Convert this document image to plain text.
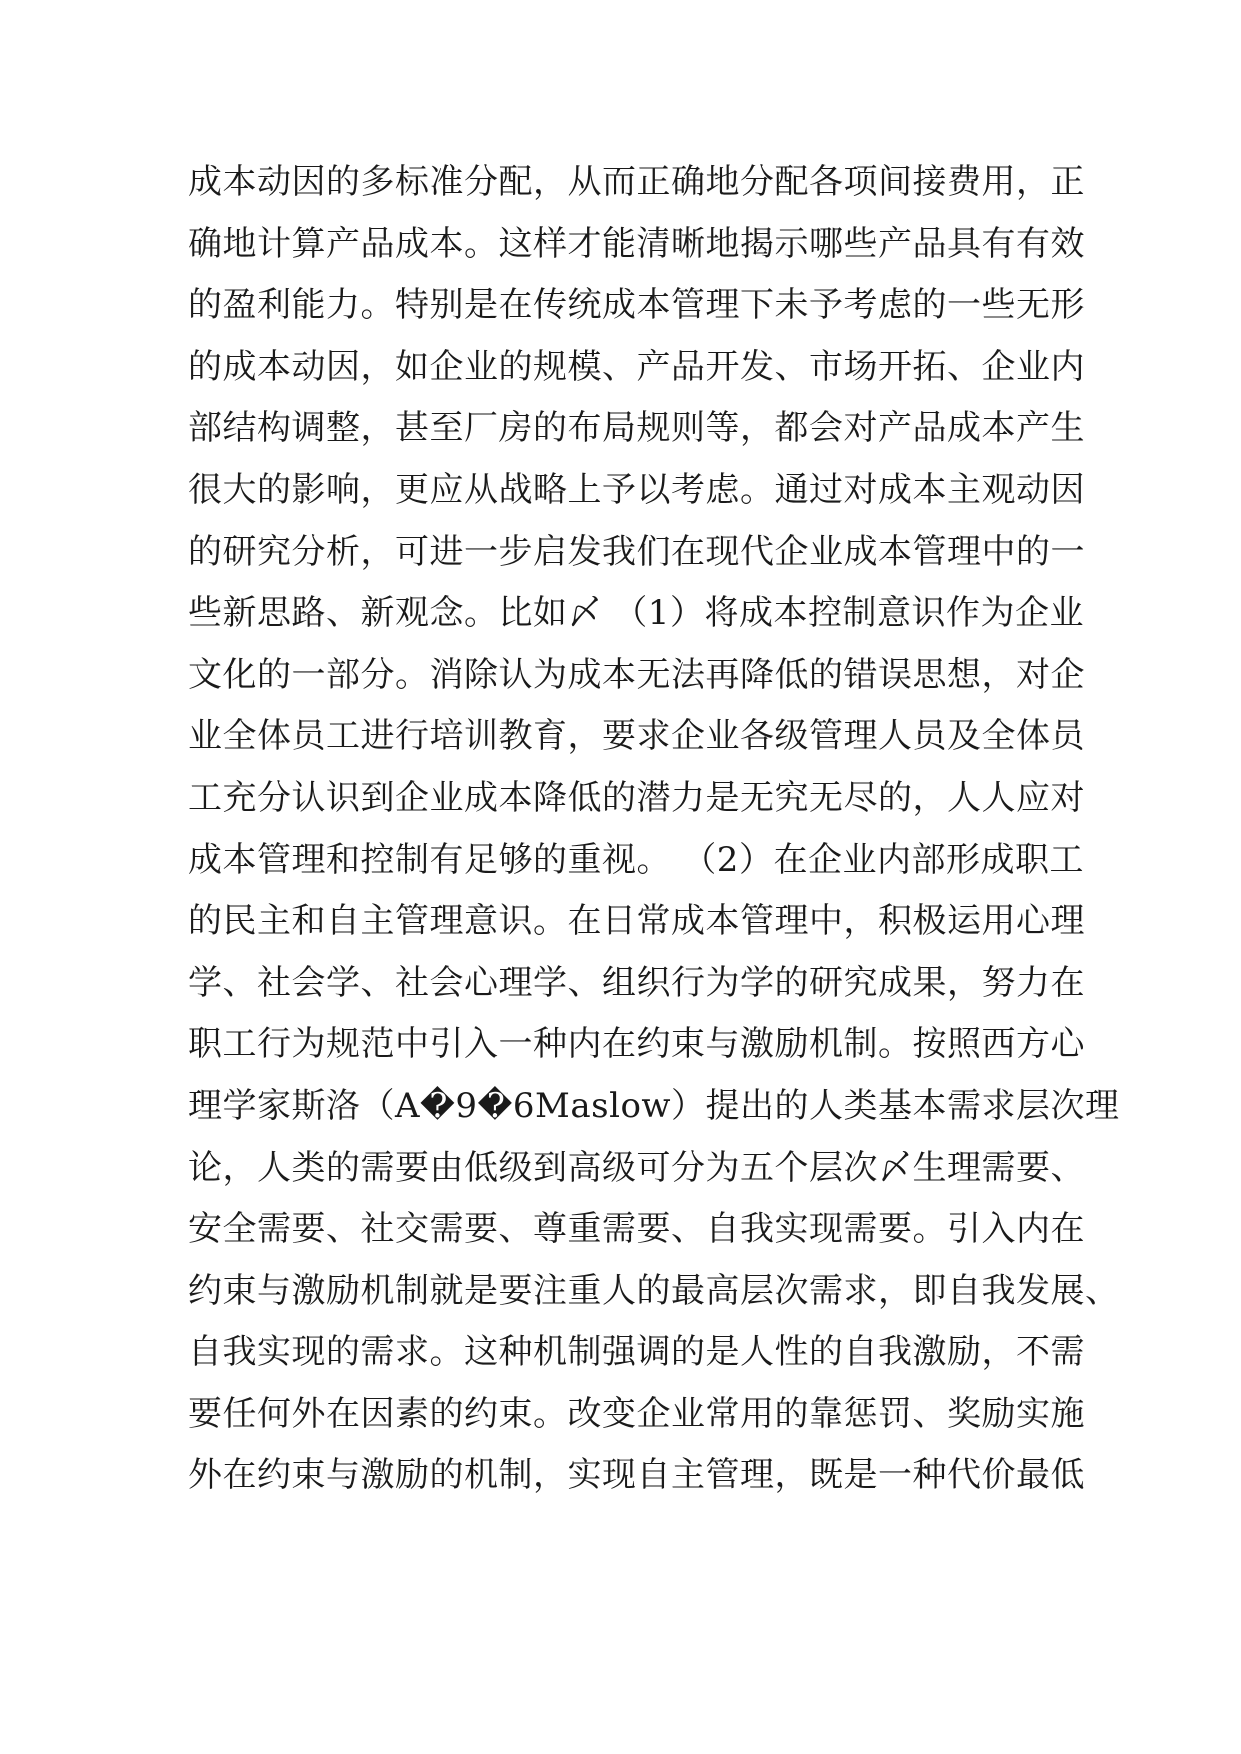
成本动因的多标准分配，从而正确地分配各项间接费用，正
确地计算产品成本。这样才能清晰地揭示哪些产品具有有效
的盈利能力。特别是在传统成本管理下未予考虑的一些无形
的成本动因，如企业的规模、产品开发、市场开拓、企业内
部结构调整，甚至厂房的布局规则等，都会对产品成本产生
很大的影响，更应从战略上予以考虑。通过对成本主观动因
的研究分析，可进一步启发我们在现代企业成本管理中的一
些新思路、新观念。比如〆 （1）将成本控制意识作为企业
文化的一部分。消除认为成本无法再降低的错误思想，对企
业全体员工进行培训教育，要求企业各级管理人员及全体员
工充分认识到企业成本降低的潜力是无究无尽的，人人应对
成本管理和控制有足够的重视。 （2）在企业内部形成职工
的民主和自主管理意识。在日常成本管理中，积极运用心理
学、社会学、社会心理学、组织行为学的研究成果，努力在
职工行为规范中引入一种内在约束与激励机制。按照西方心
理学家斯洛（A�9�6Maslow）提出的人类基本需求层次理
论，人类的需要由低级到高级可分为五个层次〆生理需要、
安全需要、社交需要、尊重需要、自我实现需要。引入内在
约束与激励机制就是要注重人的最高层次需求，即自我发展、
自我实现的需求。这种机制强调的是人性的自我激励，不需
要任何外在因素的约束。改变企业常用的靠惩罚、奖励实施
外在约束与激励的机制，实现自主管理，既是一种代价最低
